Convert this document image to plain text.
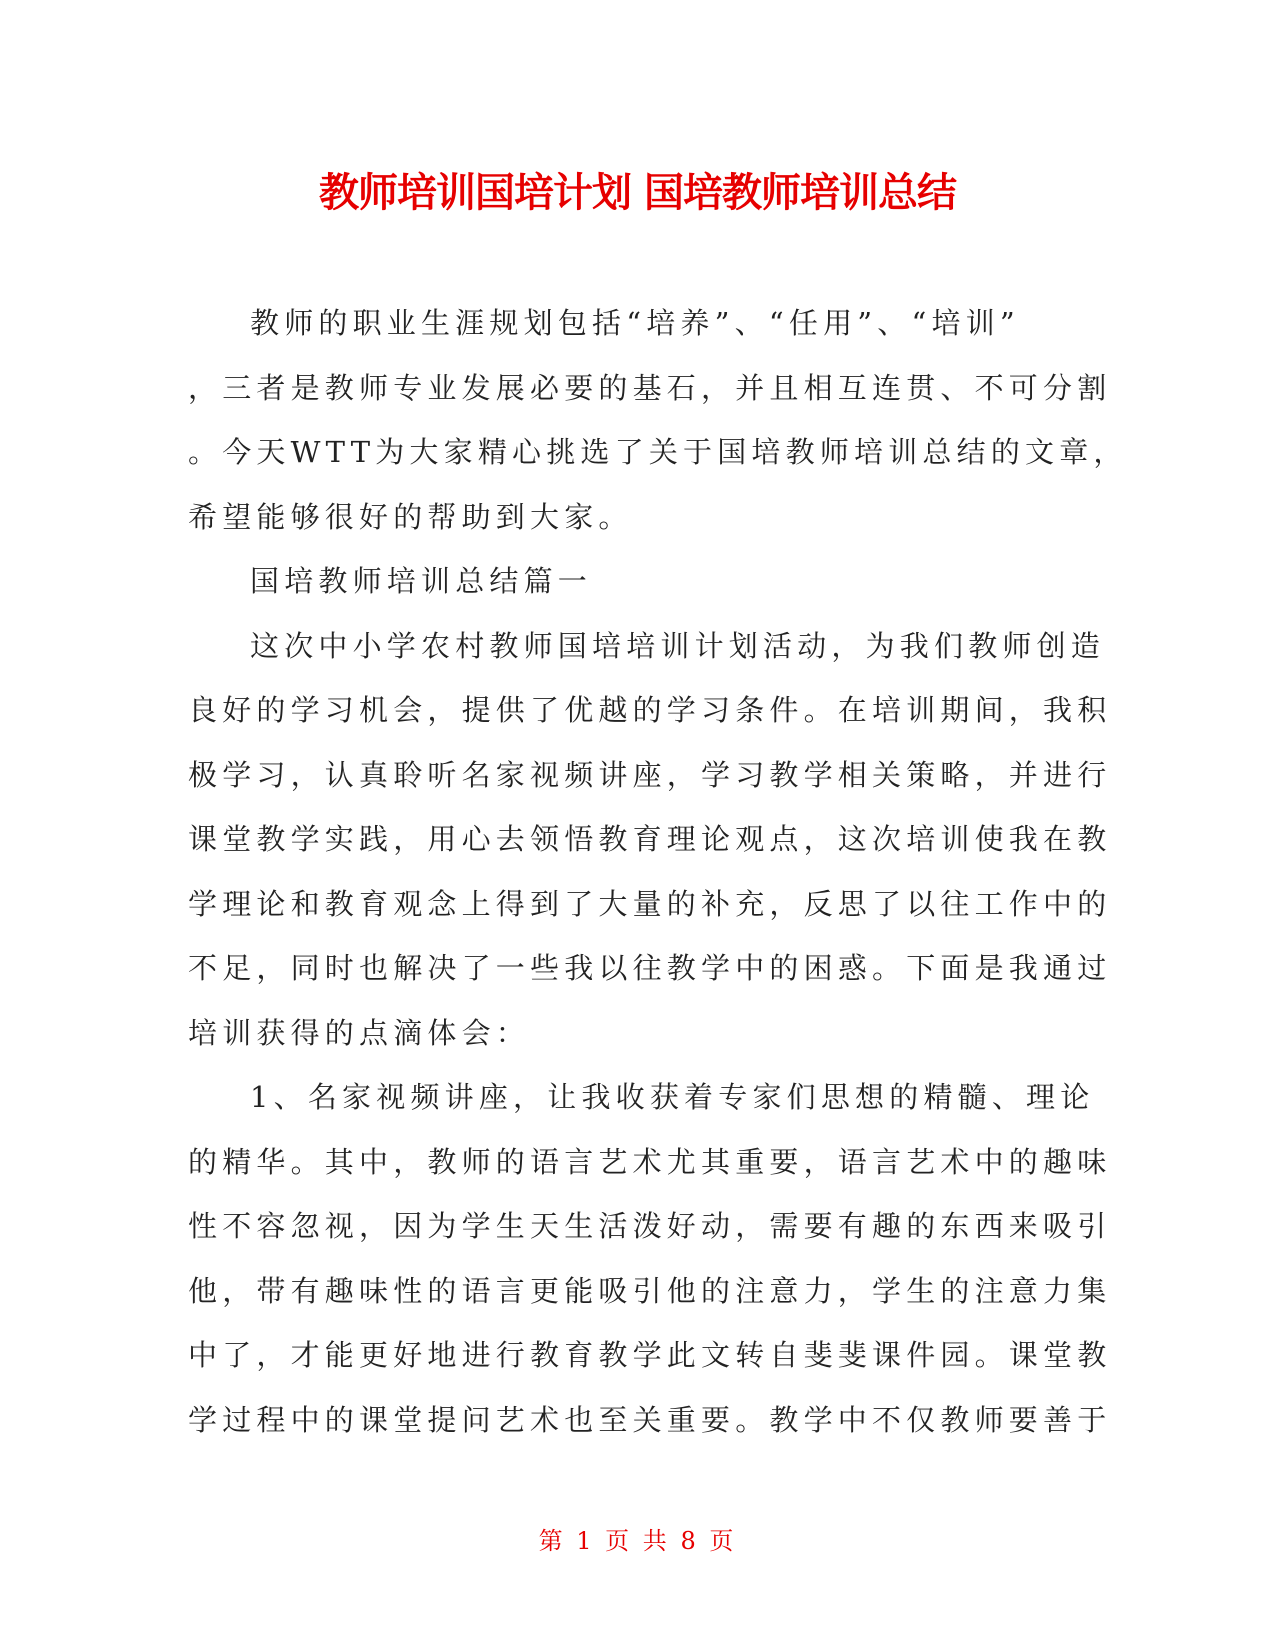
教师培训国培计划 国培教师培训总结

教师的职业生涯规划包括“培养”、“任用”、“培训”

，三者是教师专业发展必要的基石，并且相互连贯、不可分割

。今天WTT为大家精心挑选了关于国培教师培训总结的文章，

希望能够很好的帮助到大家。

国培教师培训总结篇一

这次中小学农村教师国培培训计划活动，为我们教师创造

良好的学习机会，提供了优越的学习条件。在培训期间，我积

极学习，认真聆听名家视频讲座，学习教学相关策略，并进行

课堂教学实践，用心去领悟教育理论观点，这次培训使我在教

学理论和教育观念上得到了大量的补充，反思了以往工作中的

不足，同时也解决了一些我以往教学中的困惑。下面是我通过

培训获得的点滴体会：

1、名家视频讲座，让我收获着专家们思想的精髓、理论

的精华。其中，教师的语言艺术尤其重要，语言艺术中的趣味

性不容忽视，因为学生天生活泼好动，需要有趣的东西来吸引

他，带有趣味性的语言更能吸引他的注意力，学生的注意力集

中了，才能更好地进行教育教学此文转自斐斐课件园。课堂教

学过程中的课堂提问艺术也至关重要。教学中不仅教师要善于

第 1 页 共 8 页
